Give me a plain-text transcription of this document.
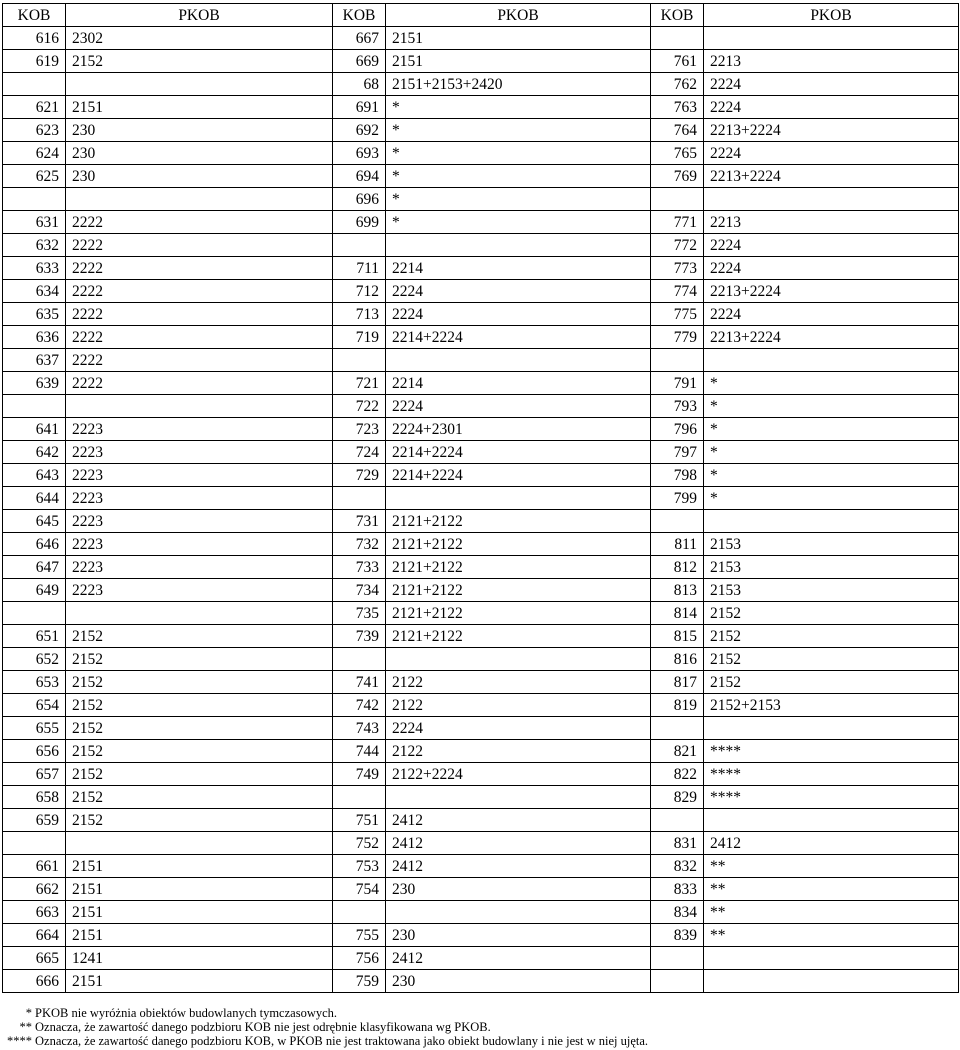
KOB	PKOB	KOB	PKOB	KOB	PKOB
616	2302	667	2151		
619	2152	669	2151	761	2213
		68	2151+2153+2420	762	2224
621	2151	691	*	763	2224
623	230	692	*	764	2213+2224
624	230	693	*	765	2224
625	230	694	*	769	2213+2224
		696	*		
631	2222	699	*	771	2213
632	2222			772	2224
633	2222	711	2214	773	2224
634	2222	712	2224	774	2213+2224
635	2222	713	2224	775	2224
636	2222	719	2214+2224	779	2213+2224
637	2222				
639	2222	721	2214	791	*
		722	2224	793	*
641	2223	723	2224+2301	796	*
642	2223	724	2214+2224	797	*
643	2223	729	2214+2224	798	*
644	2223			799	*
645	2223	731	2121+2122		
646	2223	732	2121+2122	811	2153
647	2223	733	2121+2122	812	2153
649	2223	734	2121+2122	813	2153
		735	2121+2122	814	2152
651	2152	739	2121+2122	815	2152
652	2152			816	2152
653	2152	741	2122	817	2152
654	2152	742	2122	819	2152+2153
655	2152	743	2224		
656	2152	744	2122	821	****
657	2152	749	2122+2224	822	****
658	2152			829	****
659	2152	751	2412		
		752	2412	831	2412
661	2151	753	2412	832	**
662	2151	754	230	833	**
663	2151			834	**
664	2151	755	230	839	**
665	1241	756	2412		
666	2151	759	230		
* PKOB nie wyróżnia obiektów budowlanych tymczasowych.
** Oznacza, że zawartość danego podzbioru KOB nie jest odrębnie klasyfikowana wg PKOB.
**** Oznacza, że zawartość danego podzbioru KOB, w PKOB nie jest traktowana jako obiekt budowlany i nie jest w niej ujęta.
